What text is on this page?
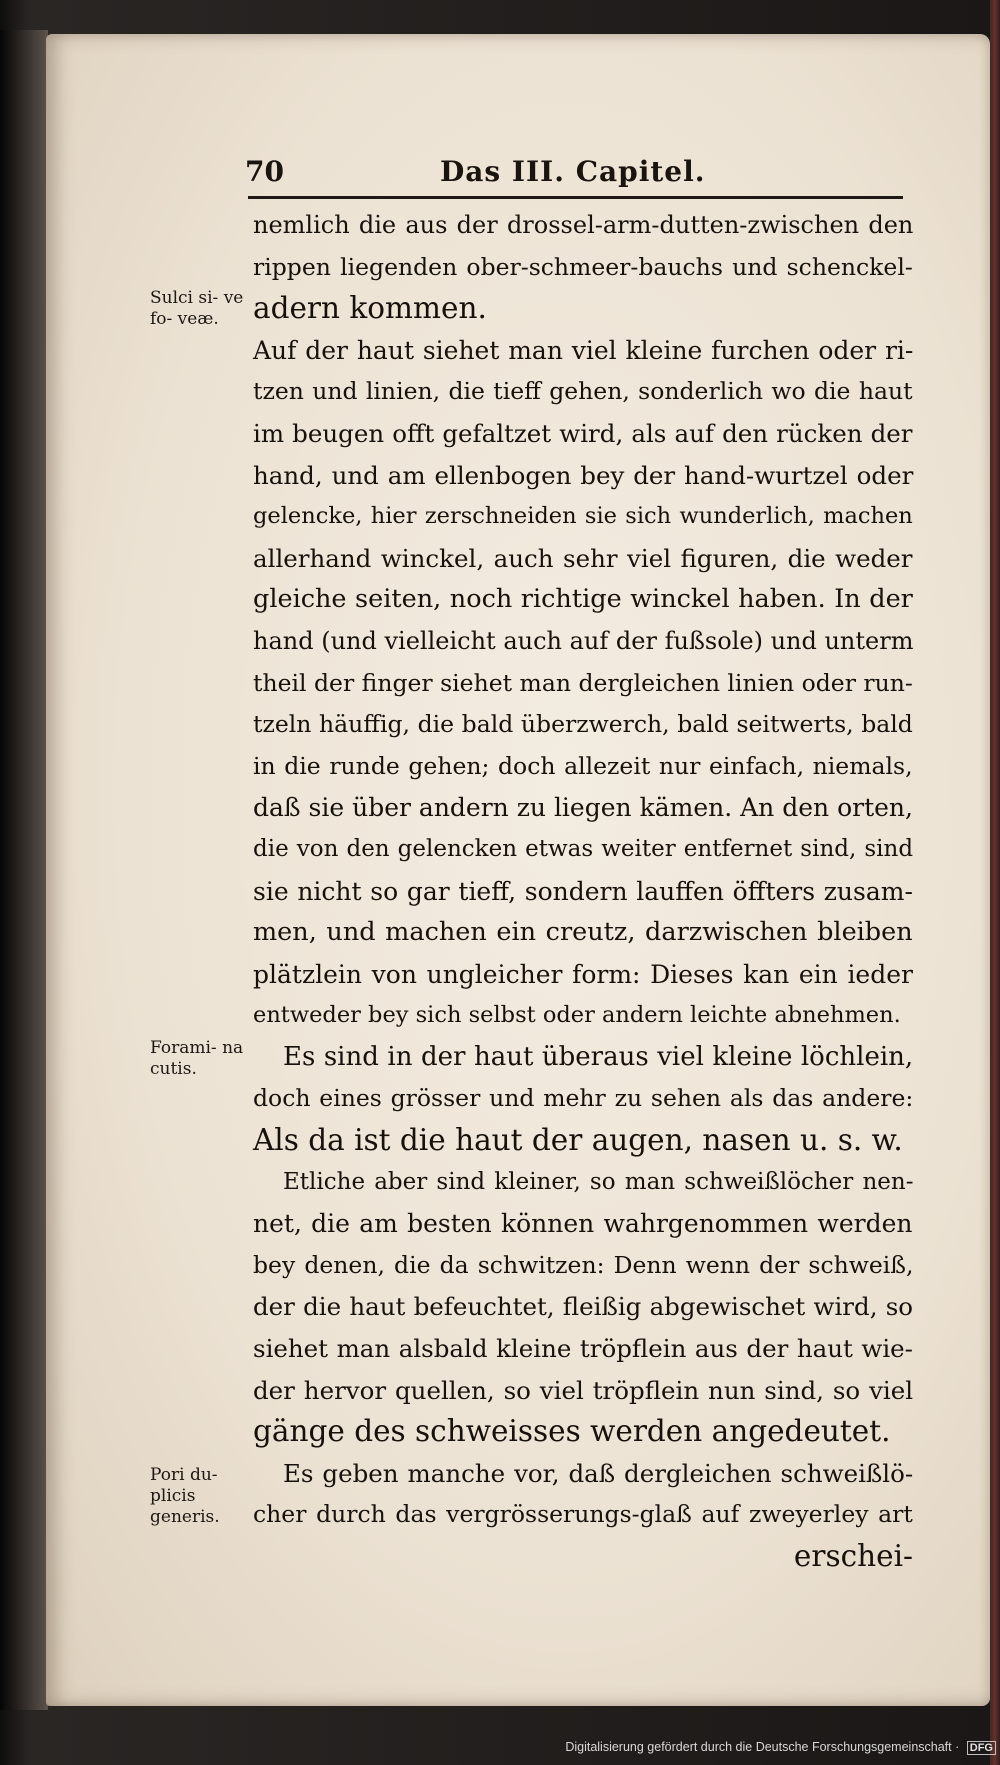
70	Das III. Capitel.
Sulci si- ve fo- veæ.
Forami- na cutis.
Pori du- plicis generis.
nemlich die aus der drossel-arm-dutten-zwischen den
rippen liegenden ober-schmeer-bauchs und schenckel-
adern kommen.
Auf der haut siehet man viel kleine furchen oder ri-
tzen und linien, die tieff gehen, sonderlich wo die haut
im beugen offt gefaltzet wird, als auf den rücken der
hand, und am ellenbogen bey der hand-wurtzel oder
gelencke, hier zerschneiden sie sich wunderlich, machen
allerhand winckel, auch sehr viel figuren, die weder
gleiche seiten, noch richtige winckel haben. In der
hand (und vielleicht auch auf der fußsole) und unterm
theil der finger siehet man dergleichen linien oder run-
tzeln häuffig, die bald überzwerch, bald seitwerts, bald
in die runde gehen; doch allezeit nur einfach, niemals,
daß sie über andern zu liegen kämen. An den orten,
die von den gelencken etwas weiter entfernet sind, sind
sie nicht so gar tieff, sondern lauffen öffters zusam-
men, und machen ein creutz, darzwischen bleiben
plätzlein von ungleicher form: Dieses kan ein ieder
entweder bey sich selbst oder andern leichte abnehmen.
Es sind in der haut überaus viel kleine löchlein,
doch eines grösser und mehr zu sehen als das andere:
Als da ist die haut der augen, nasen u. s. w.
Etliche aber sind kleiner, so man schweißlöcher nen-
net, die am besten können wahrgenommen werden
bey denen, die da schwitzen: Denn wenn der schweiß,
der die haut befeuchtet, fleißig abgewischet wird, so
siehet man alsbald kleine tröpflein aus der haut wie-
der hervor quellen, so viel tröpflein nun sind, so viel
gänge des schweisses werden angedeutet.
Es geben manche vor, daß dergleichen schweißlö-
cher durch das vergrösserungs-glaß auf zweyerley art
erschei-
Digitalisierung gefördert durch die Deutsche Forschungsgemeinschaft · DFG
